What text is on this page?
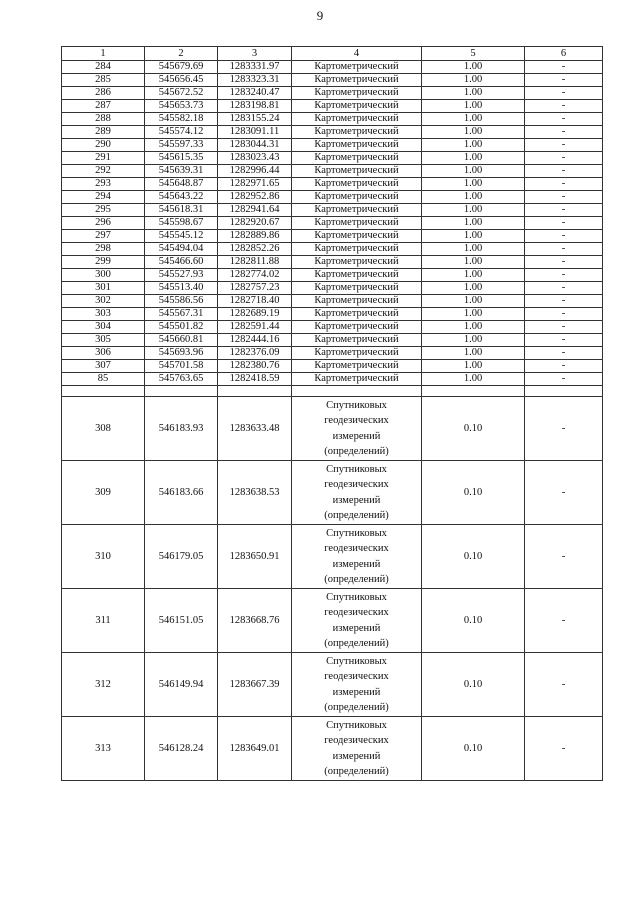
9
1	2	3	4	5	6
284	545679.69	1283331.97	Картометрический	1.00	-
285	545656.45	1283323.31	Картометрический	1.00	-
286	545672.52	1283240.47	Картометрический	1.00	-
287	545653.73	1283198.81	Картометрический	1.00	-
288	545582.18	1283155.24	Картометрический	1.00	-
289	545574.12	1283091.11	Картометрический	1.00	-
290	545597.33	1283044.31	Картометрический	1.00	-
291	545615.35	1283023.43	Картометрический	1.00	-
292	545639.31	1282996.44	Картометрический	1.00	-
293	545648.87	1282971.65	Картометрический	1.00	-
294	545643.22	1282952.86	Картометрический	1.00	-
295	545618.31	1282941.64	Картометрический	1.00	-
296	545598.67	1282920.67	Картометрический	1.00	-
297	545545.12	1282889.86	Картометрический	1.00	-
298	545494.04	1282852.26	Картометрический	1.00	-
299	545466.60	1282811.88	Картометрический	1.00	-
300	545527.93	1282774.02	Картометрический	1.00	-
301	545513.40	1282757.23	Картометрический	1.00	-
302	545586.56	1282718.40	Картометрический	1.00	-
303	545567.31	1282689.19	Картометрический	1.00	-
304	545501.82	1282591.44	Картометрический	1.00	-
305	545660.81	1282444.16	Картометрический	1.00	-
306	545693.96	1282376.09	Картометрический	1.00	-
307	545701.58	1282380.76	Картометрический	1.00	-
85	545763.65	1282418.59	Картометрический	1.00	-

308	546183.93	1283633.48	Спутниковых геодезических измерений (определений)	0.10	-
309	546183.66	1283638.53	Спутниковых геодезических измерений (определений)	0.10	-
310	546179.05	1283650.91	Спутниковых геодезических измерений (определений)	0.10	-
311	546151.05	1283668.76	Спутниковых геодезических измерений (определений)	0.10	-
312	546149.94	1283667.39	Спутниковых геодезических измерений (определений)	0.10	-
313	546128.24	1283649.01	Спутниковых геодезических измерений (определений)	0.10	-
